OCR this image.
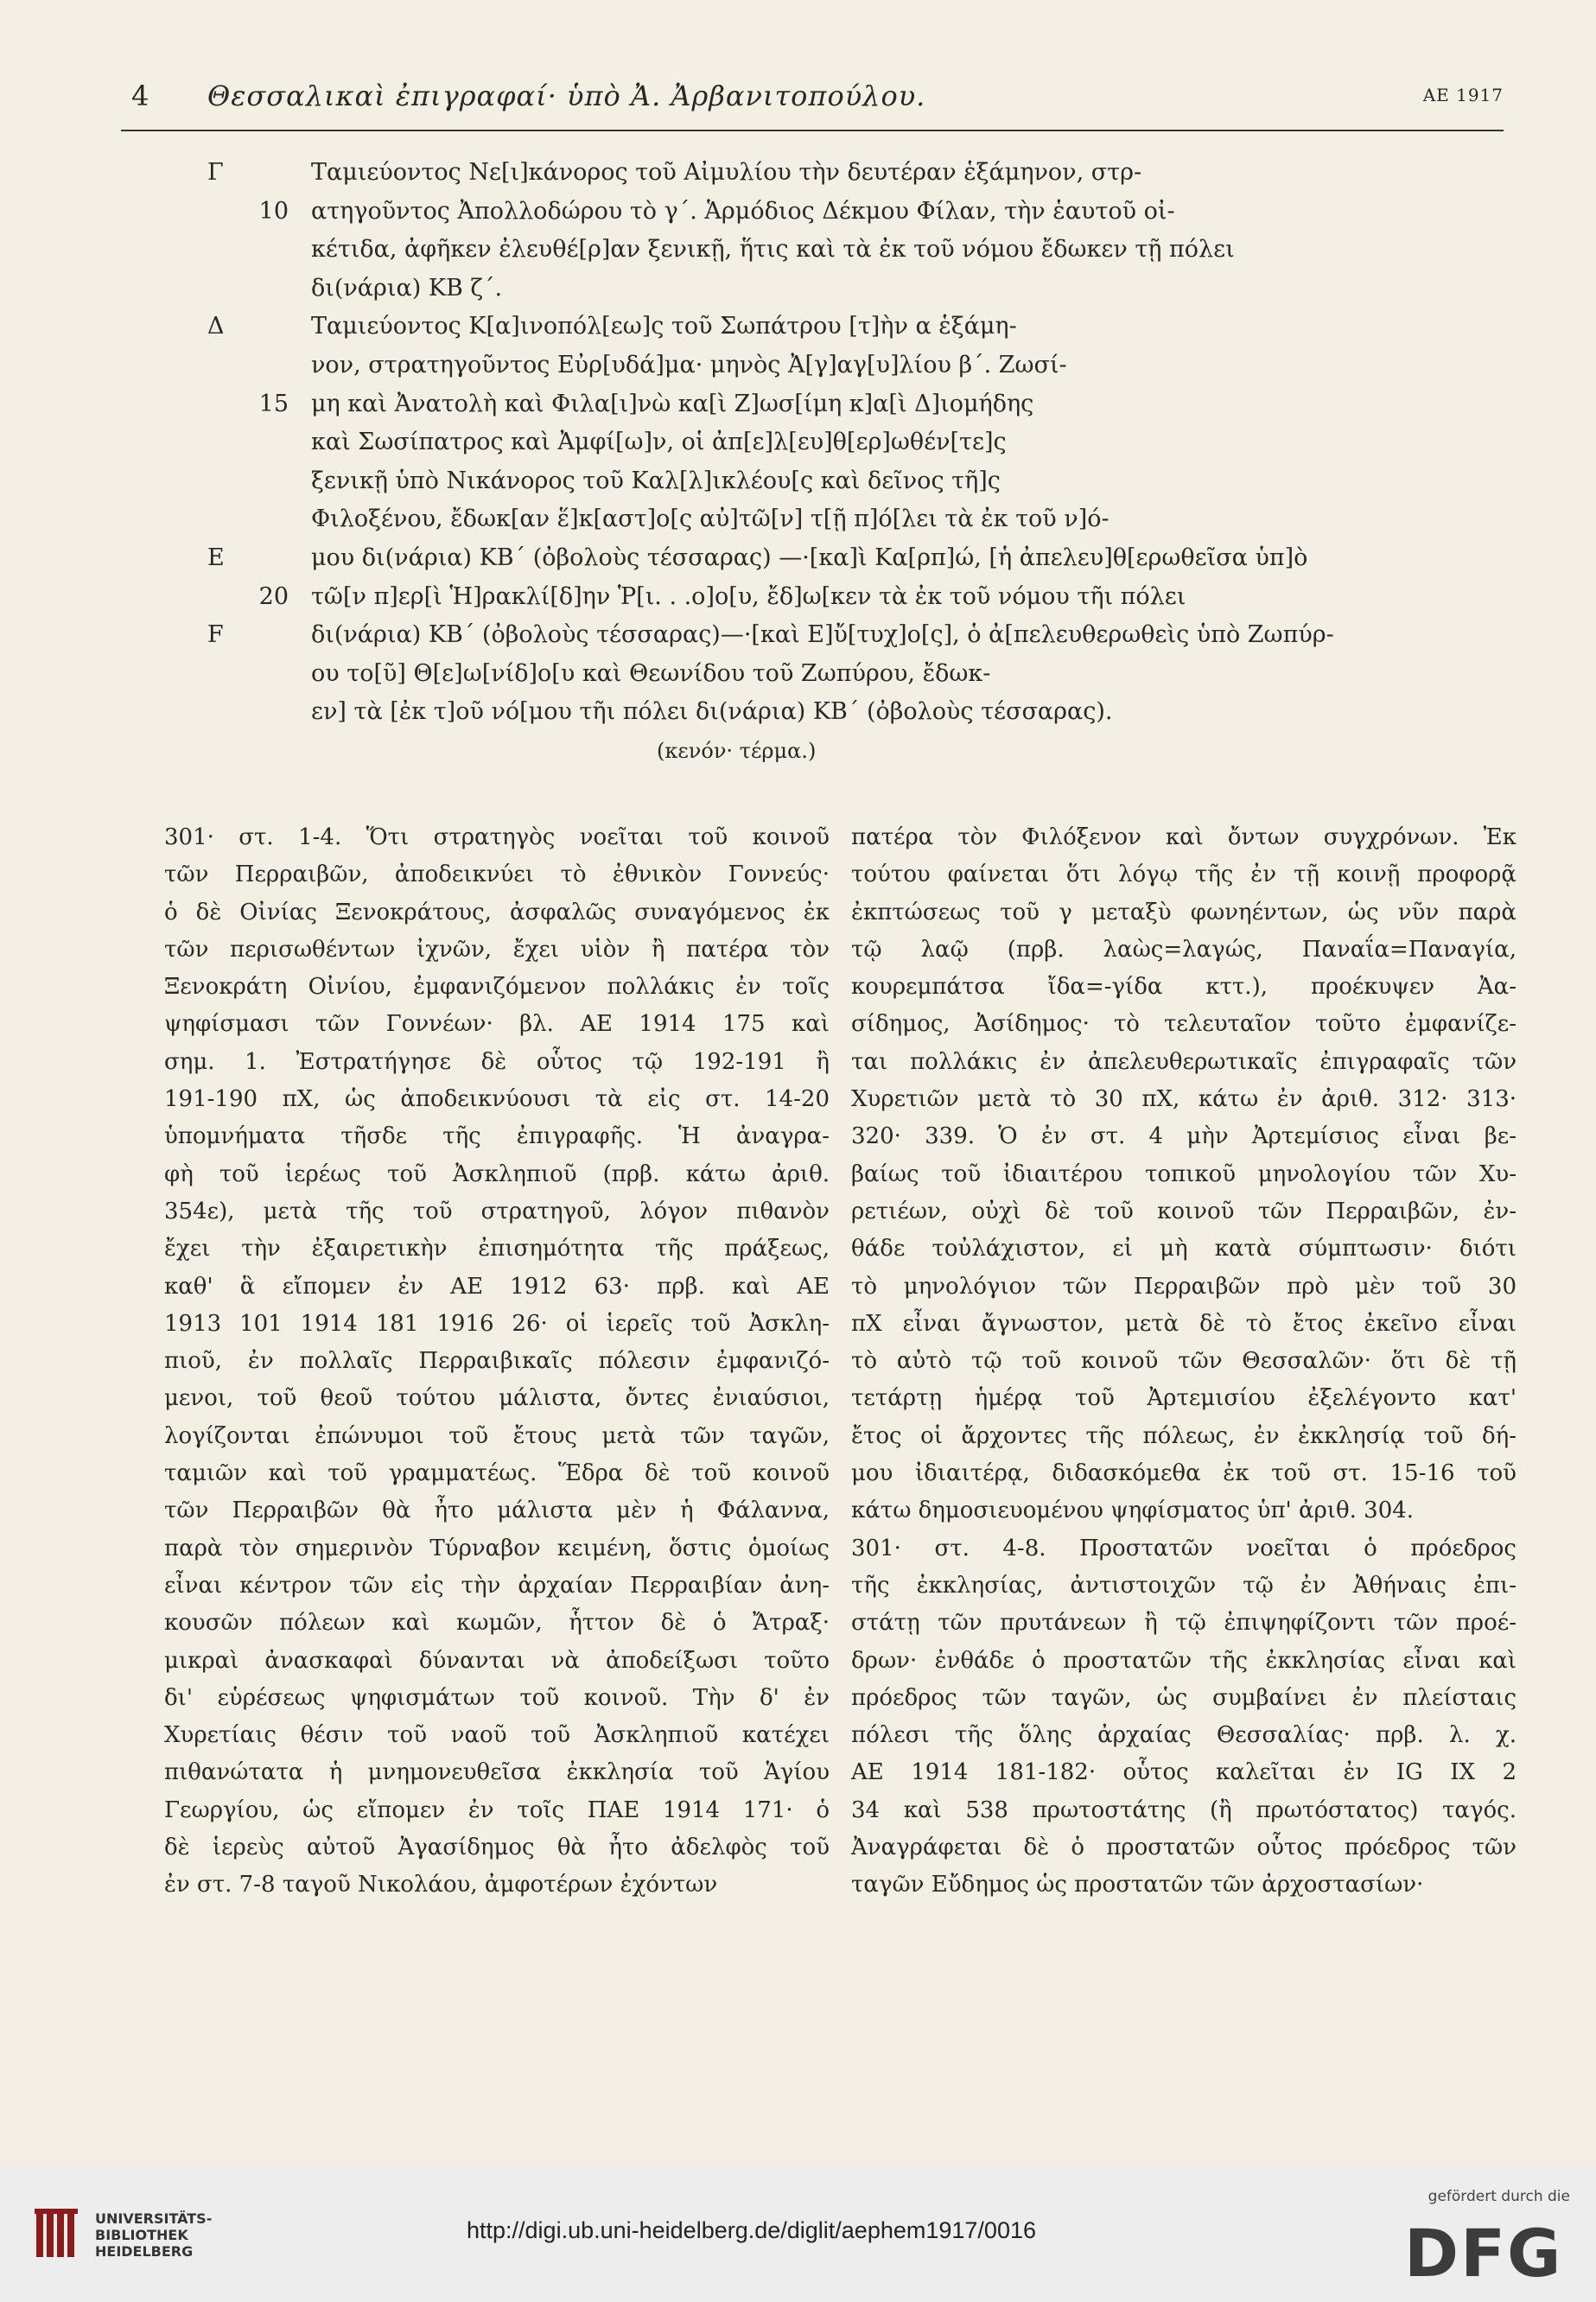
4 Θεσσαλικαὶ ἐπιγραφαί· ὑπὸ Ἀ. Ἀρβανιτοπούλου.	ΑΕ 1917
Γ	Ταμιεύοντος Νε[ι]κάνορος τοῦ Αἰμυλίου τὴν δευτέραν ἑξάμηνον, στρ-
10 ατηγοῦντος Ἀπολλοδώρου τὸ γ΄. Ἁρμόδιος Δέκμου Φίλαν, τὴν ἑαυτοῦ οἰ-
κέτιδα, ἀφῆκεν ἐλευθέ[ρ]αν ξενικῇ, ἥτις καὶ τὰ ἐκ τοῦ νόμου ἔδωκεν τῇ πόλει
δι(νάρια) ΚΒ ζ΄.
Δ	Ταμιεύοντος Κ[α]ινοπόλ[εω]ς τοῦ Σωπάτρου [τ]ὴν α ἑξάμη-
νον, στρατηγοῦντος Εὐρ[υδά]μα· μηνὸς Ἀ[γ]αγ[υ]λίου β΄. Ζωσί-
15 μη καὶ Ἀνατολὴ καὶ Φιλα[ι]νὼ κα[ὶ Ζ]ωσ[ίμη κ]α[ὶ Δ]ιομήδης
καὶ Σωσίπατρος καὶ Ἀμφί[ω]ν, οἱ ἀπ[ε]λ[ευ]θ[ερ]ωθέν[τε]ς
ξενικῇ ὑπὸ Νικάνορος τοῦ Καλ[λ]ικλέου[ς καὶ δεῖνος τῆ]ς
Φιλοξένου, ἔδωκ[αν ἕ]κ[αστ]ο[ς αὐ]τῶ[ν] τ[ῇ π]ό[λει τὰ ἐκ τοῦ ν]ό-
Ε	μου δι(νάρια) ΚΒ΄ (ὀβολοὺς τέσσαρας) —·[κα]ὶ Κα[ρπ]ώ, [ἡ ἀπελευ]θ[ερωθεῖσα ὑπ]ὸ
20 τῶ[ν π]ερ[ὶ Ἡ]ρακλί[δ]ην Ῥ[ι. . .ο]ο[υ, ἔδ]ω[κεν τὰ ἐκ τοῦ νόμου τῆι πόλει
F	δι(νάρια) ΚΒ΄ (ὀβολοὺς τέσσαρας)—·[καὶ Ε]ὔ[τυχ]ο[ς], ὁ ἀ[πελευθερωθεὶς ὑπὸ Ζωπύρ-
ου το[ῦ] Θ[ε]ω[νίδ]ο[υ καὶ Θεωνίδου τοῦ Ζωπύρου, ἔδωκ-
εν] τὰ [ἐκ τ]οῦ νό[μου τῆι πόλει δι(νάρια) ΚΒ΄ (ὀβολοὺς τέσσαρας).
(κενόν· τέρμα.)
301· στ. 1-4. Ὅτι στρατηγὸς νοεῖται τοῦ κοινοῦ
τῶν Περραιβῶν, ἀποδεικνύει τὸ ἐθνικὸν Γοννεύς·
ὁ δὲ Οἰνίας Ξενοκράτους, ἀσφαλῶς συναγόμενος ἐκ
τῶν περισωθέντων ἰχνῶν, ἔχει υἱὸν ἢ πατέρα τὸν
Ξενοκράτη Οἰνίου, ἐμφανιζόμενον πολλάκις ἐν τοῖς
ψηφίσμασι τῶν Γοννέων· βλ. ΑΕ 1914 175 καὶ
σημ. 1. Ἐστρατήγησε δὲ οὗτος τῷ 192-191 ἢ
191-190 πΧ, ὡς ἀποδεικνύουσι τὰ εἰς στ. 14-20
ὑπομνήματα τῆσδε τῆς ἐπιγραφῆς. Ἡ ἀναγρα-
φὴ τοῦ ἱερέως τοῦ Ἀσκληπιοῦ (πρβ. κάτω ἀριθ.
354ε), μετὰ τῆς τοῦ στρατηγοῦ, λόγον πιθανὸν
ἔχει τὴν ἐξαιρετικὴν ἐπισημότητα τῆς πράξεως,
καθ' ἃ εἴπομεν ἐν ΑΕ 1912 63· πρβ. καὶ ΑΕ
1913 101 1914 181 1916 26· οἱ ἱερεῖς τοῦ Ἀσκλη-
πιοῦ, ἐν πολλαῖς Περραιβικαῖς πόλεσιν ἐμφανιζό-
μενοι, τοῦ θεοῦ τούτου μάλιστα, ὄντες ἐνιαύσιοι,
λογίζονται ἐπώνυμοι τοῦ ἔτους μετὰ τῶν ταγῶν,
ταμιῶν καὶ τοῦ γραμματέως. Ἕδρα δὲ τοῦ κοινοῦ
τῶν Περραιβῶν θὰ ἦτο μάλιστα μὲν ἡ Φάλαννα,
παρὰ τὸν σημερινὸν Τύρναβον κειμένη, ὅστις ὁμοίως
εἶναι κέντρον τῶν εἰς τὴν ἀρχαίαν Περραιβίαν ἀνη-
κουσῶν πόλεων καὶ κωμῶν, ἧττον δὲ ὁ Ἄτραξ·
μικραὶ ἀνασκαφαὶ δύνανται νὰ ἀποδείξωσι τοῦτο
δι' εὑρέσεως ψηφισμάτων τοῦ κοινοῦ. Τὴν δ' ἐν
Χυρετίαις θέσιν τοῦ ναοῦ τοῦ Ἀσκληπιοῦ κατέχει
πιθανώτατα ἡ μνημονευθεῖσα ἐκκλησία τοῦ Ἁγίου
Γεωργίου, ὡς εἴπομεν ἐν τοῖς ΠΑΕ 1914 171· ὁ
δὲ ἱερεὺς αὐτοῦ Ἀγασίδημος θὰ ἦτο ἀδελφὸς τοῦ
ἐν στ. 7-8 ταγοῦ Νικολάου, ἀμφοτέρων ἐχόντων
πατέρα τὸν Φιλόξενον καὶ ὄντων συγχρόνων. Ἐκ
τούτου φαίνεται ὅτι λόγῳ τῆς ἐν τῇ κοινῇ προφορᾷ
ἐκπτώσεως τοῦ γ μεταξὺ φωνηέντων, ὡς νῦν παρὰ
τῷ λαῷ (πρβ. λαὼς=λαγώς, Παναΐα=Παναγία,
κουρεμπάτσα ἴδα=-γίδα κττ.), προέκυψεν Ἀα-
σίδημος, Ἀσίδημος· τὸ τελευταῖον τοῦτο ἐμφανίζε-
ται πολλάκις ἐν ἀπελευθερωτικαῖς ἐπιγραφαῖς τῶν
Χυρετιῶν μετὰ τὸ 30 πΧ, κάτω ἐν ἀριθ. 312· 313·
320· 339. Ὁ ἐν στ. 4 μὴν Ἀρτεμίσιος εἶναι βε-
βαίως τοῦ ἰδιαιτέρου τοπικοῦ μηνολογίου τῶν Χυ-
ρετιέων, οὐχὶ δὲ τοῦ κοινοῦ τῶν Περραιβῶν, ἐν-
θάδε τοὐλάχιστον, εἰ μὴ κατὰ σύμπτωσιν· διότι
τὸ μηνολόγιον τῶν Περραιβῶν πρὸ μὲν τοῦ 30
πΧ εἶναι ἄγνωστον, μετὰ δὲ τὸ ἔτος ἐκεῖνο εἶναι
τὸ αὐτὸ τῷ τοῦ κοινοῦ τῶν Θεσσαλῶν· ὅτι δὲ τῇ
τετάρτῃ ἡμέρᾳ τοῦ Ἀρτεμισίου ἐξελέγοντο κατ'
ἔτος οἱ ἄρχοντες τῆς πόλεως, ἐν ἐκκλησίᾳ τοῦ δή-
μου ἰδιαιτέρᾳ, διδασκόμεθα ἐκ τοῦ στ. 15-16 τοῦ
κάτω δημοσιευομένου ψηφίσματος ὑπ' ἀριθ. 304.
301· στ. 4-8. Προστατῶν νοεῖται ὁ πρόεδρος
τῆς ἐκκλησίας, ἀντιστοιχῶν τῷ ἐν Ἀθήναις ἐπι-
στάτῃ τῶν πρυτάνεων ἢ τῷ ἐπιψηφίζοντι τῶν προέ-
δρων· ἐνθάδε ὁ προστατῶν τῆς ἐκκλησίας εἶναι καὶ
πρόεδρος τῶν ταγῶν, ὡς συμβαίνει ἐν πλείσταις
πόλεσι τῆς ὅλης ἀρχαίας Θεσσαλίας· πρβ. λ. χ.
ΑΕ 1914 181-182· οὗτος καλεῖται ἐν IG IX 2
34 καὶ 538 πρωτοστάτης (ἢ πρωτόστατος) ταγός.
Ἀναγράφεται δὲ ὁ προστατῶν οὗτος πρόεδρος τῶν
ταγῶν Εὔδημος ὡς προστατῶν τῶν ἀρχοστασίων·
UNIVERSITÄTS-
BIBLIOTHEK
HEIDELBERG
http://digi.ub.uni-heidelberg.de/diglit/aephem1917/0016
gefördert durch die
DFG
